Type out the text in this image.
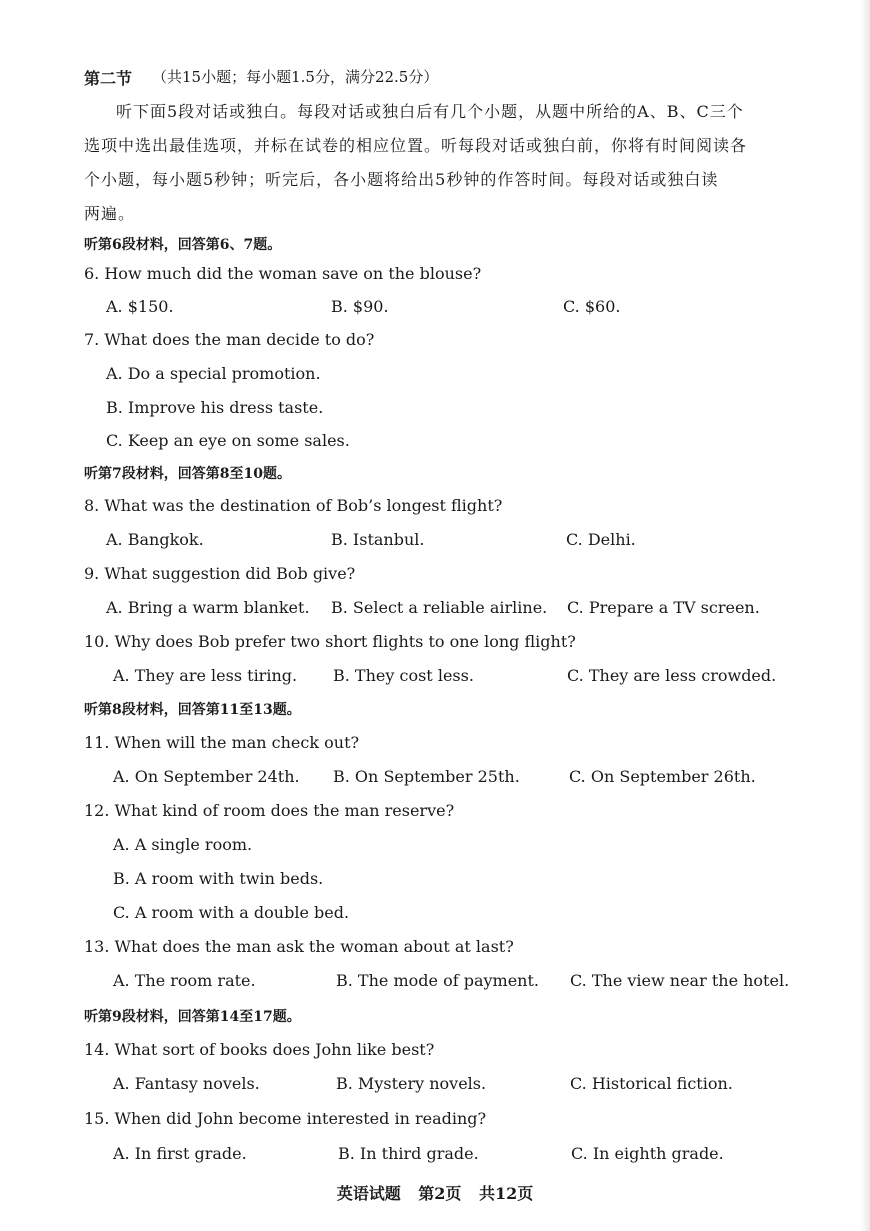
第二节 （共15小题；每小题1.5分，满分22.5分）
听下面5段对话或独白。每段对话或独白后有几个小题，从题中所给的A、B、C三个
选项中选出最佳选项，并标在试卷的相应位置。听每段对话或独白前，你将有时间阅读各
个小题，每小题5秒钟；听完后，各小题将给出5秒钟的作答时间。每段对话或独白读
两遍。
听第6段材料，回答第6、7题。
6. How much did the woman save on the blouse?
A. $150.	B. $90.	C. $60.
7. What does the man decide to do?
A. Do a special promotion.
B. Improve his dress taste.
C. Keep an eye on some sales.
听第7段材料，回答第8至10题。
8. What was the destination of Bob’s longest flight?
A. Bangkok.	B. Istanbul.	C. Delhi.
9. What suggestion did Bob give?
A. Bring a warm blanket. B. Select a reliable airline. C. Prepare a TV screen.
10. Why does Bob prefer two short flights to one long flight?
A. They are less tiring. B. They cost less.	C. They are less crowded.
听第8段材料，回答第11至13题。
11. When will the man check out?
A. On September 24th. B. On September 25th.	C. On September 26th.
12. What kind of room does the man reserve?
A. A single room.
B. A room with twin beds.
C. A room with a double bed.
13. What does the man ask the woman about at last?
A. The room rate.	B. The mode of payment. C. The view near the hotel.
听第9段材料，回答第14至17题。
14. What sort of books does John like best?
A. Fantasy novels.	B. Mystery novels.	C. Historical fiction.
15. When did John become interested in reading?
A. In first grade.	B. In third grade.	C. In eighth grade.
英语试题 第2页 共12页
